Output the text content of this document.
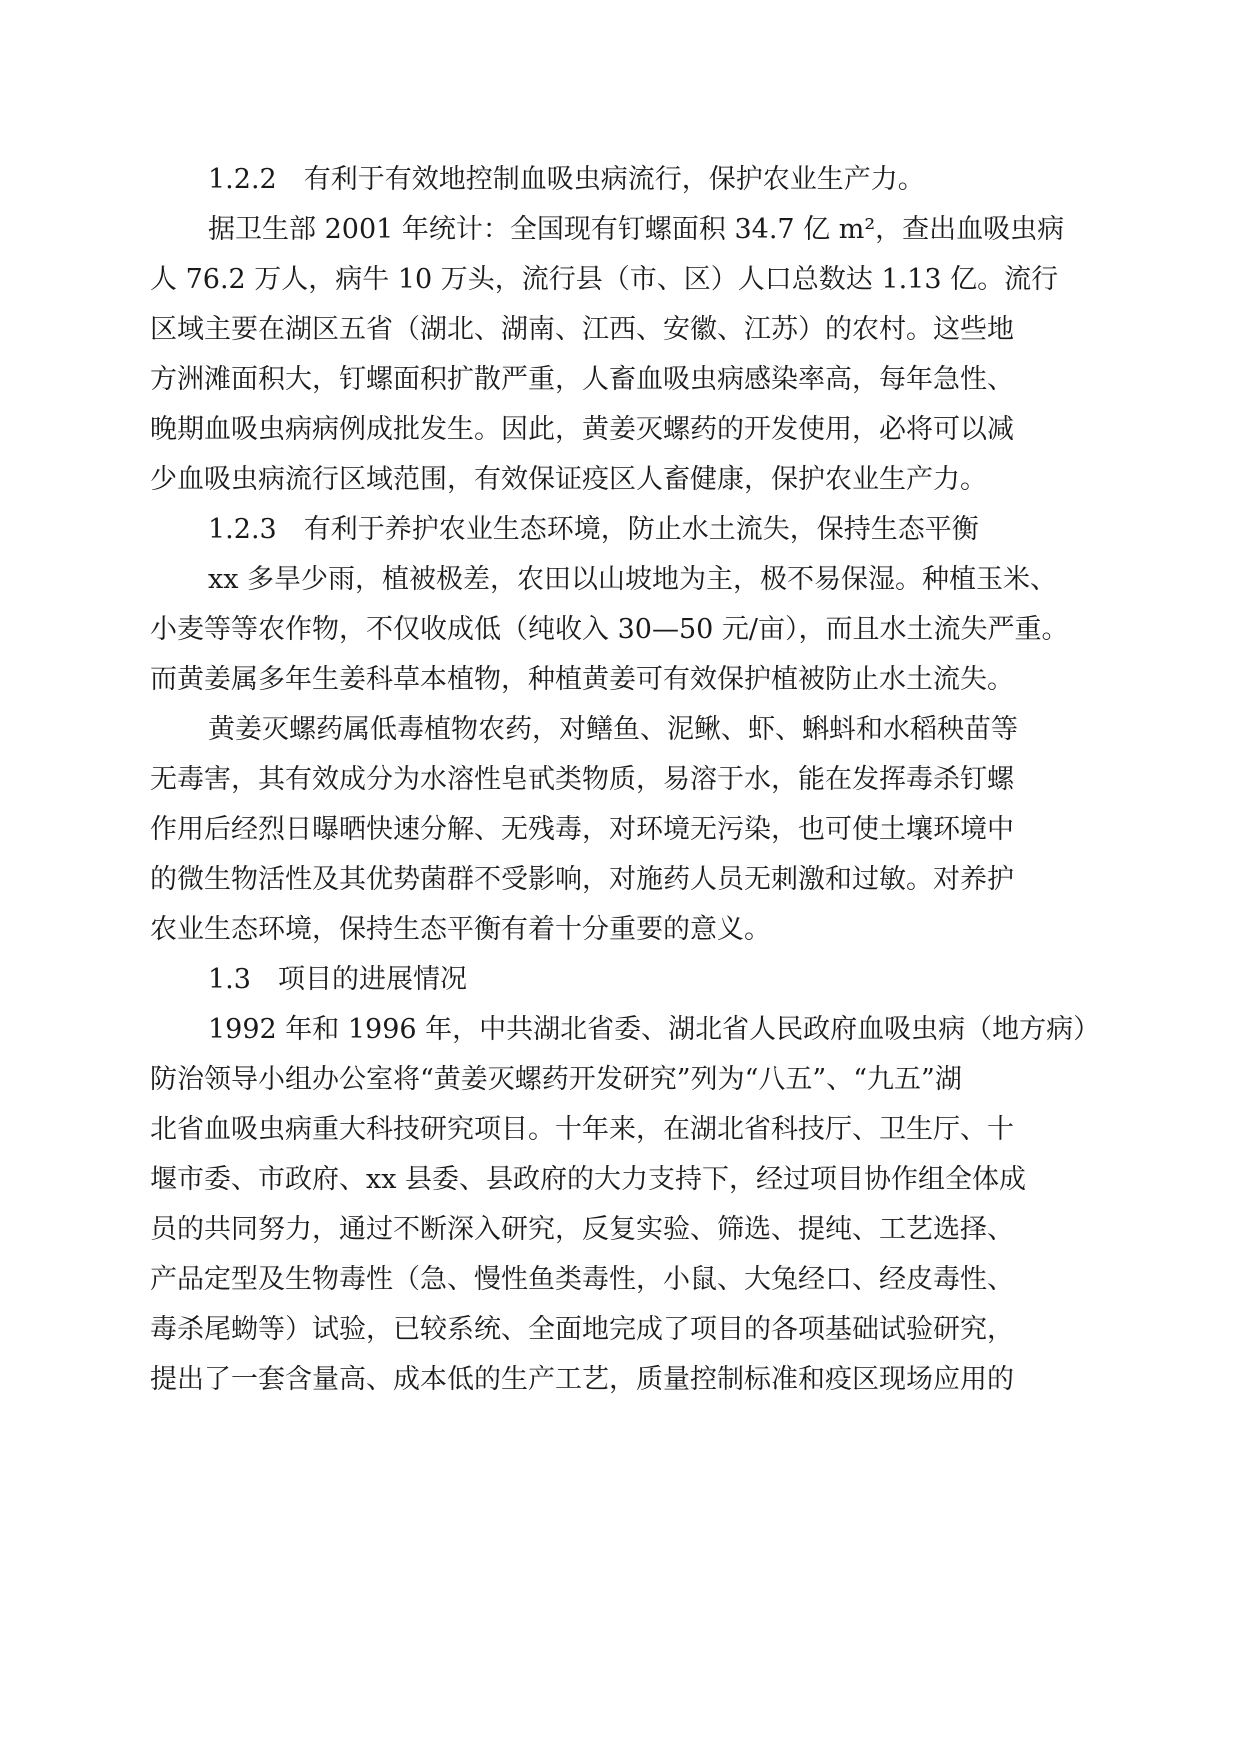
1.2.2　有利于有效地控制血吸虫病流行，保护农业生产力。
据卫生部 2001 年统计：全国现有钉螺面积 34.7 亿 m²，查出血吸虫病
人 76.2 万人，病牛 10 万头，流行县（市、区）人口总数达 1.13 亿。流行
区域主要在湖区五省（湖北、湖南、江西、安徽、江苏）的农村。这些地
方洲滩面积大，钉螺面积扩散严重，人畜血吸虫病感染率高，每年急性、
晚期血吸虫病病例成批发生。因此，黄姜灭螺药的开发使用，必将可以减
少血吸虫病流行区域范围，有效保证疫区人畜健康，保护农业生产力。
1.2.3　有利于养护农业生态环境，防止水土流失，保持生态平衡
xx 多旱少雨，植被极差，农田以山坡地为主，极不易保湿。种植玉米、
小麦等等农作物，不仅收成低（纯收入 30—50 元/亩），而且水土流失严重。
而黄姜属多年生姜科草本植物，种植黄姜可有效保护植被防止水土流失。
黄姜灭螺药属低毒植物农药，对鳝鱼、泥鳅、虾、蝌蚪和水稻秧苗等
无毒害，其有效成分为水溶性皂甙类物质，易溶于水，能在发挥毒杀钉螺
作用后经烈日曝晒快速分解、无残毒，对环境无污染，也可使土壤环境中
的微生物活性及其优势菌群不受影响，对施药人员无刺激和过敏。对养护
农业生态环境，保持生态平衡有着十分重要的意义。
1.3　项目的进展情况
1992 年和 1996 年，中共湖北省委、湖北省人民政府血吸虫病（地方病）
防治领导小组办公室将“黄姜灭螺药开发研究”列为“八五”、“九五”湖
北省血吸虫病重大科技研究项目。十年来，在湖北省科技厅、卫生厅、十
堰市委、市政府、xx 县委、县政府的大力支持下，经过项目协作组全体成
员的共同努力，通过不断深入研究，反复实验、筛选、提纯、工艺选择、
产品定型及生物毒性（急、慢性鱼类毒性，小鼠、大兔经口、经皮毒性、
毒杀尾蚴等）试验，已较系统、全面地完成了项目的各项基础试验研究，
提出了一套含量高、成本低的生产工艺，质量控制标准和疫区现场应用的
